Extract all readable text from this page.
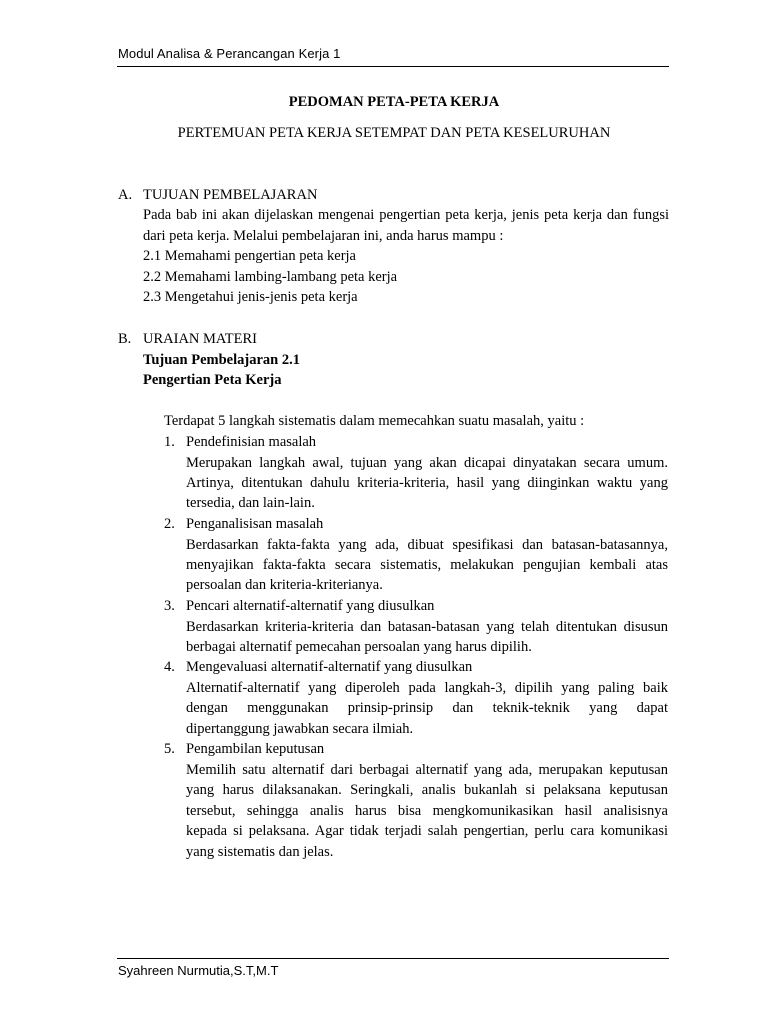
Modul Analisa & Perancangan Kerja 1
PEDOMAN PETA-PETA KERJA
PERTEMUAN PETA KERJA SETEMPAT DAN PETA KESELURUHAN
A. TUJUAN PEMBELAJARAN
Pada bab ini akan dijelaskan mengenai pengertian peta kerja, jenis peta kerja dan fungsi
dari peta kerja. Melalui pembelajaran ini, anda harus mampu :
2.1 Memahami pengertian peta kerja
2.2 Memahami lambing-lambang peta kerja
2.3 Mengetahui jenis-jenis peta kerja
B. URAIAN MATERI
Tujuan Pembelajaran 2.1
Pengertian Peta Kerja
Terdapat 5 langkah sistematis dalam memecahkan suatu masalah, yaitu :
1. Pendefinisian masalah
Merupakan langkah awal, tujuan yang akan dicapai dinyatakan secara umum.
Artinya, ditentukan dahulu kriteria-kriteria, hasil yang diinginkan waktu yang
tersedia, dan lain-lain.
2. Penganalisisan masalah
Berdasarkan fakta-fakta yang ada, dibuat spesifikasi dan batasan-batasannya,
menyajikan fakta-fakta secara sistematis, melakukan pengujian kembali atas
persoalan dan kriteria-kriterianya.
3. Pencari alternatif-alternatif yang diusulkan
Berdasarkan kriteria-kriteria dan batasan-batasan yang telah ditentukan disusun
berbagai alternatif pemecahan persoalan yang harus dipilih.
4. Mengevaluasi alternatif-alternatif yang diusulkan
Alternatif-alternatif yang diperoleh pada langkah-3, dipilih yang paling baik
dengan menggunakan prinsip-prinsip dan teknik-teknik yang dapat
dipertanggung jawabkan secara ilmiah.
5. Pengambilan keputusan
Memilih satu alternatif dari berbagai alternatif yang ada, merupakan keputusan
yang harus dilaksanakan. Seringkali, analis bukanlah si pelaksana keputusan
tersebut, sehingga analis harus bisa mengkomunikasikan hasil analisisnya
kepada si pelaksana. Agar tidak terjadi salah pengertian, perlu cara komunikasi
yang sistematis dan jelas.
Syahreen Nurmutia,S.T,M.T
